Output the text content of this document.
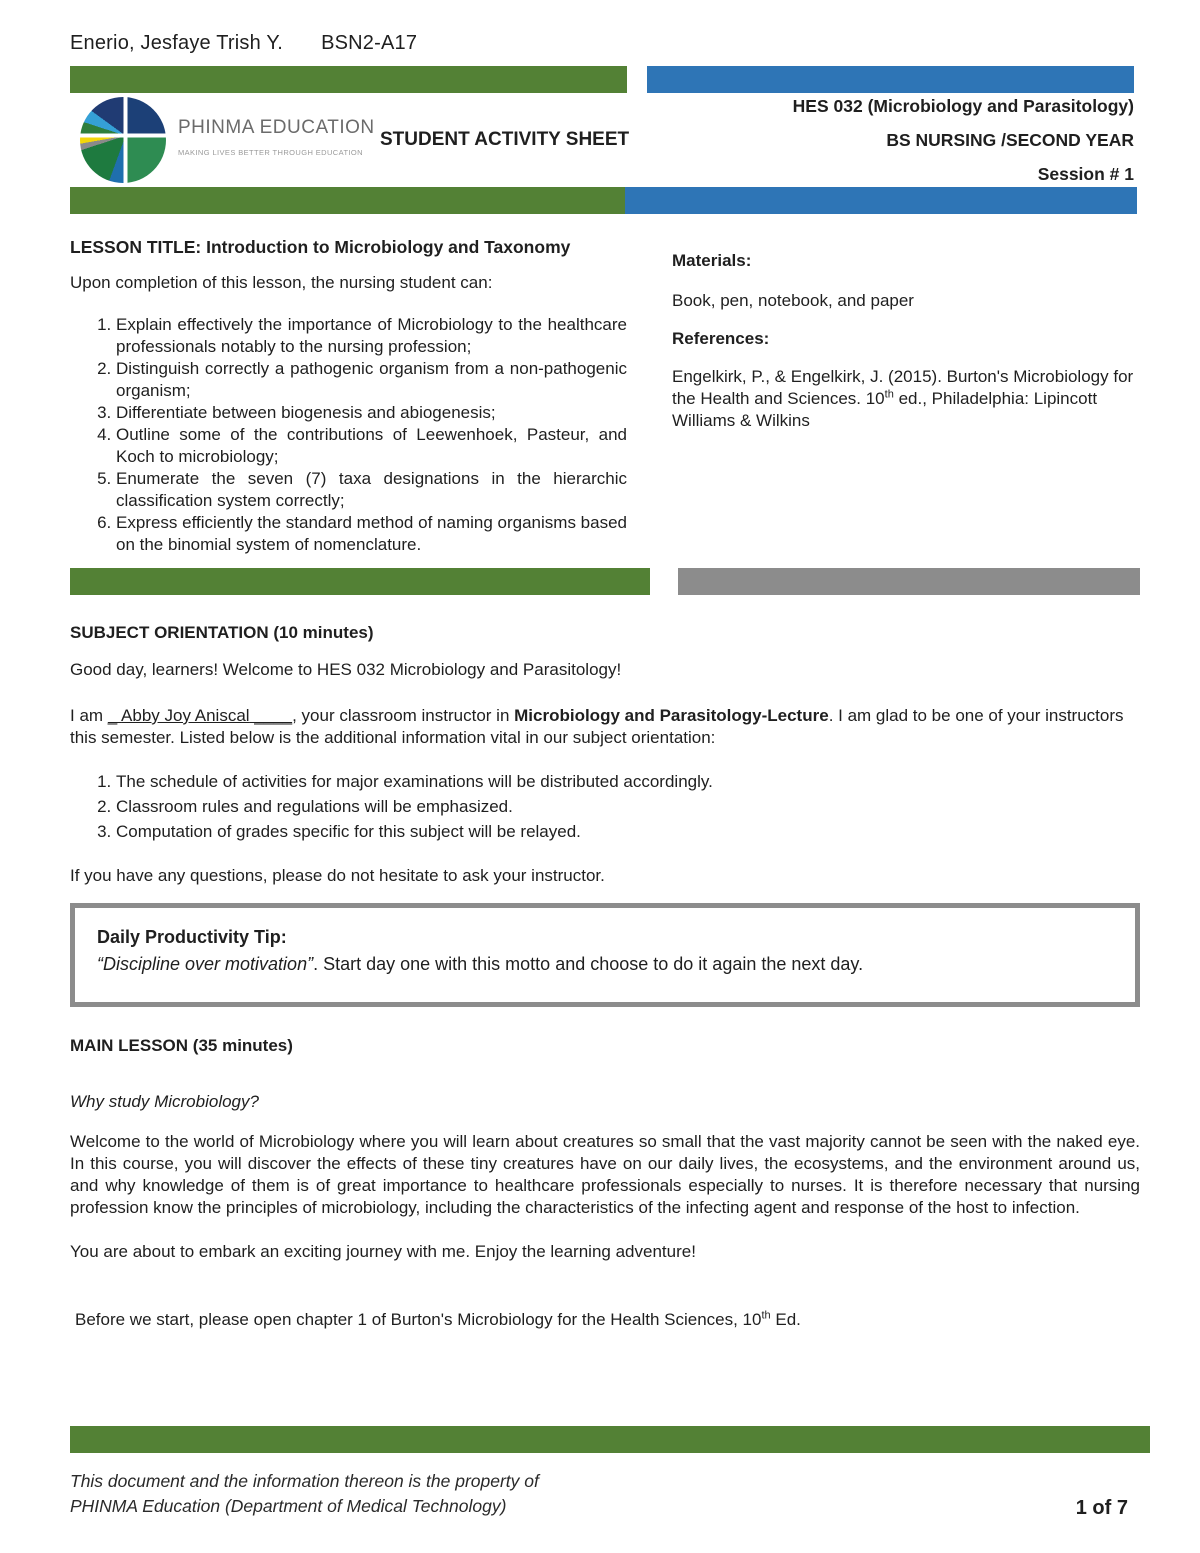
Enerio, Jesfaye Trish Y. BSN2-A17
PHINMA EDUCATION
MAKING LIVES BETTER THROUGH EDUCATION
STUDENT ACTIVITY SHEET
HES 032 (Microbiology and Parasitology)
BS NURSING /SECOND YEAR
Session # 1
LESSON TITLE: Introduction to Microbiology and Taxonomy
Upon completion of this lesson, the nursing student can:
1. Explain effectively the importance of Microbiology to the healthcare professionals notably to the nursing profession;
2. Distinguish correctly a pathogenic organism from a non-pathogenic organism;
3. Differentiate between biogenesis and abiogenesis;
4. Outline some of the contributions of Leewenhoek, Pasteur, and Koch to microbiology;
5. Enumerate the seven (7) taxa designations in the hierarchic classification system correctly;
6. Express efficiently the standard method of naming organisms based on the binomial system of nomenclature.
Materials:
Book, pen, notebook, and paper
References:
Engelkirk, P., & Engelkirk, J. (2015). Burton's Microbiology for the Health and Sciences. 10th ed., Philadelphia: Lipincott Williams & Wilkins
SUBJECT ORIENTATION (10 minutes)
Good day, learners! Welcome to HES 032 Microbiology and Parasitology!
I am _ Abby Joy Aniscal ____, your classroom instructor in Microbiology and Parasitology-Lecture. I am glad to be one of your instructors this semester. Listed below is the additional information vital in our subject orientation:
1. The schedule of activities for major examinations will be distributed accordingly.
2. Classroom rules and regulations will be emphasized.
3. Computation of grades specific for this subject will be relayed.
If you have any questions, please do not hesitate to ask your instructor.
Daily Productivity Tip:
“Discipline over motivation”. Start day one with this motto and choose to do it again the next day.
MAIN LESSON (35 minutes)
Why study Microbiology?
Welcome to the world of Microbiology where you will learn about creatures so small that the vast majority cannot be seen with the naked eye. In this course, you will discover the effects of these tiny creatures have on our daily lives, the ecosystems, and the environment around us, and why knowledge of them is of great importance to healthcare professionals especially to nurses. It is therefore necessary that nursing profession know the principles of microbiology, including the characteristics of the infecting agent and response of the host to infection.
You are about to embark an exciting journey with me. Enjoy the learning adventure!
Before we start, please open chapter 1 of Burton's Microbiology for the Health Sciences, 10th Ed.
This document and the information thereon is the property of
PHINMA Education (Department of Medical Technology)	1 of 7
